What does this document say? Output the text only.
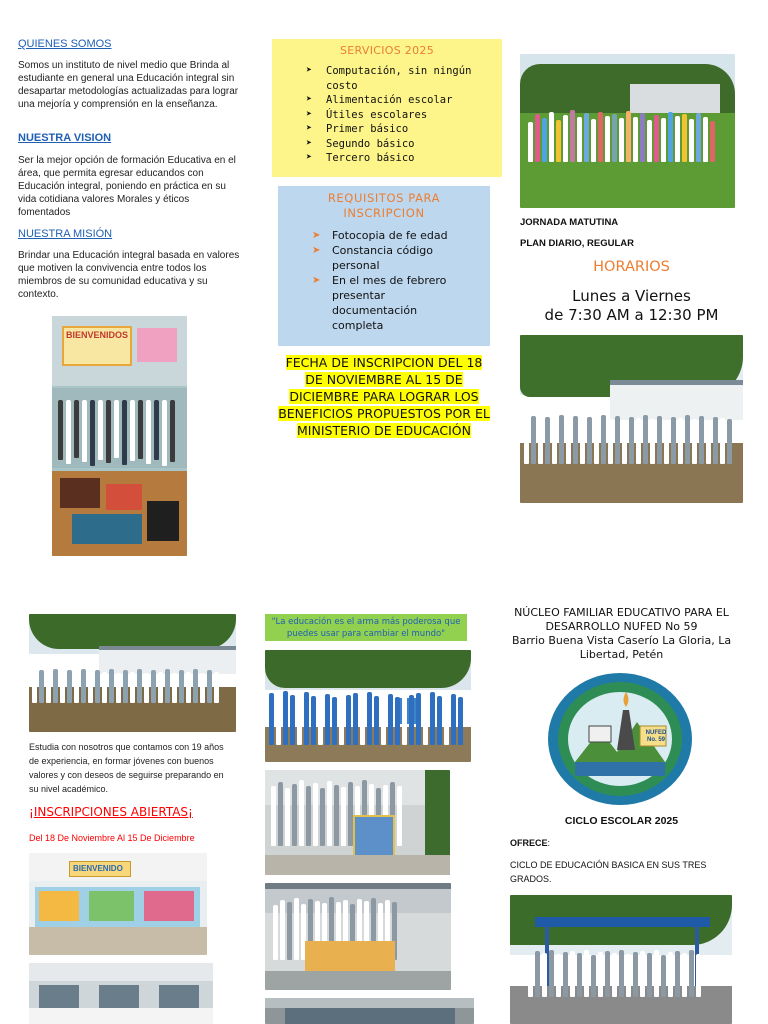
QUIENES SOMOS
Somos un instituto de nivel medio que Brinda al estudiante en general una Educación integral sin desapartar metodologías actualizadas para lograr una mejoría y comprensión en la enseñanza.
NUESTRA VISION
Ser la mejor opción de formación Educativa en el área, que permita egresar educandos con Educación integral, poniendo en práctica en su vida cotidiana valores Morales y éticos fomentados
NUESTRA MISIÓN
Brindar una Educación integral basada en valores que motiven la convivencia entre todos los miembros de su comunidad educativa y su contexto.
BIENVENIDOS
SERVICIOS 2025
➤ Computación, sin ningún costo
➤ Alimentación escolar
➤ Útiles escolares
➤ Primer básico
➤ Segundo básico
➤ Tercero básico
REQUISITOS PARA INSCRIPCION
➤ Fotocopia de fe edad
➤ Constancia código personal
➤ En el mes de febrero presentar documentación completa
FECHA DE INSCRIPCION DEL 18 DE NOVIEMBRE AL 15 DE DICIEMBRE PARA LOGRAR LOS BENEFICIOS PROPUESTOS POR EL MINISTERIO DE EDUCACIÓN
JORNADA MATUTINA
PLAN DIARIO, REGULAR
HORARIOS
Lunes a Viernes
de 7:30 AM a 12:30 PM
Estudia con nosotros que contamos con 19 años de experiencia, en formar jóvenes con buenos valores y con deseos de seguirse preparando en su nivel académico.
¡INSCRIPCIONES ABIERTAS¡
Del 18 De Noviembre Al 15 De Diciembre
BIENVENIDO
"La educación es el arma más poderosa que puedes usar para cambiar el mundo"
NÚCLEO FAMILIAR EDUCATIVO PARA EL DESARROLLO NUFED No 59
Barrio Buena Vista Caserío La Gloria, La Libertad, Petén
NUFED No. 59
CICLO ESCOLAR 2025
OFRECE:
CICLO DE EDUCACIÓN BASICA EN SUS TRES GRADOS.
